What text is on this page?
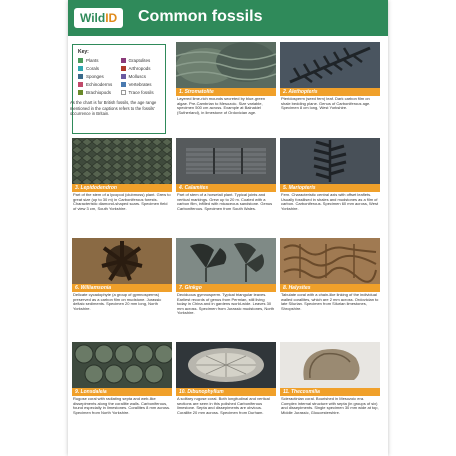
WildID	Common fossils
Key:
Plants	Graptolites
Corals	Arthropods
Sponges	Molluscs
Echinoderms	Vertebrates
Brachiopods	Trace fossils
As the chart is for British fossils, the age range mentioned in the captions refers to the fossils' occurrence in Britain.
1. Stromatolite
Layered lime-rich mounds secreted by blue-green algae. Pre-Cambrian to Mesozoic. Size variable, specimen 500 cm across. Example at Balnakiel (Sutherland), in limestone of Ordovician age.
2. Alethopteris
Pteridosperm (seed fern) leaf. Dark carbon film on shale bedding plane. Genus of Carboniferous age. Specimen 8 cm long, West Yorkshire.
3. Lepidodendron
Part of the stem of a lycopod (clubmoss) plant. Grew to great size (up to 30 m) in Carboniferous forests. Characteristic diamond-shaped scars. Specimen field of view 3 cm, South Yorkshire.
4. Calamites
Part of stem of a horsetail plant. Typical joints and vertical markings. Grew up to 20 m. Coated with a carbon film, infilled with micaceous sandstone. Genus Carboniferous. Specimen from South Wales.
5. Mariopteris
Fern. Characteristic central axis with offset leaflets. Usually fossilised in shales and mudstones as a film of carbon. Carboniferous. Specimen 60 mm across, West Yorkshire.
6. Williamsonia
Delicate cycadophyte (a group of gymnosperms) preserved as a carbon film on mudstone. Jurassic deltaic sediments. Specimen 20 mm long, North Yorkshire.
7. Ginkgo
Deciduous gymnosperm. Typical triangular leaves. Earliest records of genus from Permian, still living today in China and in gardens world-wide. Leaves 30 mm across. Specimen from Jurassic mudstones, North Yorkshire.
8. Halysites
Tabulate coral with a chain-like linking of the individual walled corallites, which are 2 mm across. Ordovician to late Silurian. Specimen from Silurian limestones, Shropshire.
9. Lonsdaleia
Rugose coral with radiating septa and web-like dissepiments along the corallite walls. Carboniferous, found especially in limestones. Corallites 8 mm across. Specimen from North Yorkshire.
10. Dibunophyllum
A solitary rugose coral. Both longitudinal and vertical sections are seen in this polished Carboniferous limestone. Septa and dissepiments are obvious. Corallite 20 mm across. Specimen from Durham.
11. Thecosmilia
Scleractinian coral. Bourished in Mesozoic era. Complex internal structure with septa (in groups of six) and dissepiments. Single specimen 30 mm wide at top, Middle Jurassic, Gloucestershire.
